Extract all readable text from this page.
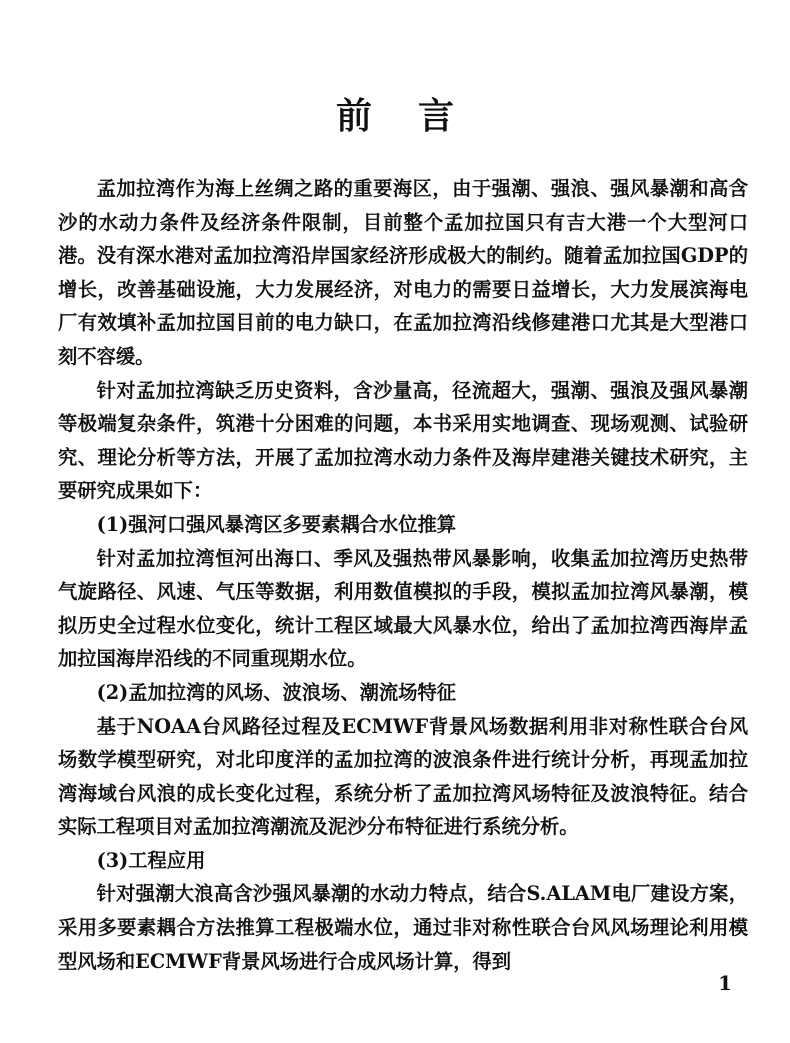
前言

孟加拉湾作为海上丝绸之路的重要海区，由于强潮、强浪、强风暴潮和高含沙的水动力条件及经济条件限制，目前整个孟加拉国只有吉大港一个大型河口港。没有深水港对孟加拉湾沿岸国家经济形成极大的制约。随着孟加拉国GDP的增长，改善基础设施，大力发展经济，对电力的需要日益增长，大力发展滨海电厂有效填补孟加拉国目前的电力缺口，在孟加拉湾沿线修建港口尤其是大型港口刻不容缓。

针对孟加拉湾缺乏历史资料，含沙量高，径流超大，强潮、强浪及强风暴潮等极端复杂条件，筑港十分困难的问题，本书采用实地调查、现场观测、试验研究、理论分析等方法，开展了孟加拉湾水动力条件及海岸建港关键技术研究，主要研究成果如下：

(1)强河口强风暴湾区多要素耦合水位推算

针对孟加拉湾恒河出海口、季风及强热带风暴影响，收集孟加拉湾历史热带气旋路径、风速、气压等数据，利用数值模拟的手段，模拟孟加拉湾风暴潮，模拟历史全过程水位变化，统计工程区域最大风暴水位，给出了孟加拉湾西海岸孟加拉国海岸沿线的不同重现期水位。

(2)孟加拉湾的风场、波浪场、潮流场特征

基于NOAA台风路径过程及ECMWF背景风场数据利用非对称性联合台风场数学模型研究，对北印度洋的孟加拉湾的波浪条件进行统计分析，再现孟加拉湾海域台风浪的成长变化过程，系统分析了孟加拉湾风场特征及波浪特征。结合实际工程项目对孟加拉湾潮流及泥沙分布特征进行系统分析。

(3)工程应用

针对强潮大浪高含沙强风暴潮的水动力特点，结合S.ALAM电厂建设方案，采用多要素耦合方法推算工程极端水位，通过非对称性联合台风风场理论利用模型风场和ECMWF背景风场进行合成风场计算，得到

1
